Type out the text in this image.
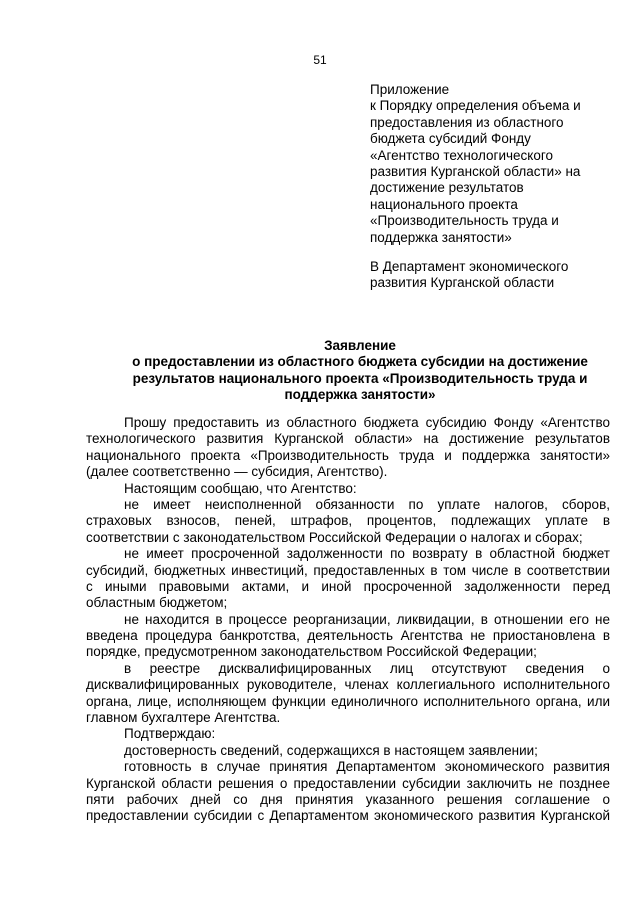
51
Приложение
к Порядку определения объема и
предоставления из областного
бюджета субсидий Фонду
«Агентство технологического
развития Курганской области» на
достижение результатов
национального проекта
«Производительность труда и
поддержка занятости»
В Департамент экономического
развития Курганской области
Заявление
о предоставлении из областного бюджета субсидии на достижение
результатов национального проекта «Производительность труда и
поддержка занятости»
Прошу предоставить из областного бюджета субсидию Фонду «Агентство
технологического развития Курганской области» на достижение результатов
национального проекта «Производительность труда и поддержка занятости»
(далее соответственно — субсидия, Агентство).
Настоящим сообщаю, что Агентство:
не имеет неисполненной обязанности по уплате налогов, сборов,
страховых взносов, пеней, штрафов, процентов, подлежащих уплате в
соответствии с законодательством Российской Федерации о налогах и сборах;
не имеет просроченной задолженности по возврату в областной бюджет
субсидий, бюджетных инвестиций, предоставленных в том числе в соответствии
с иными правовыми актами, и иной просроченной задолженности перед
областным бюджетом;
не находится в процессе реорганизации, ликвидации, в отношении его не
введена процедура банкротства, деятельность Агентства не приостановлена в
порядке, предусмотренном законодательством Российской Федерации;
в реестре дисквалифицированных лиц отсутствуют сведения о
дисквалифицированных руководителе, членах коллегиального исполнительного
органа, лице, исполняющем функции единоличного исполнительного органа, или
главном бухгалтере Агентства.
Подтверждаю:
достоверность сведений, содержащихся в настоящем заявлении;
готовность в случае принятия Департаментом экономического развития
Курганской области решения о предоставлении субсидии заключить не позднее
пяти рабочих дней со дня принятия указанного решения соглашение о
предоставлении субсидии с Департаментом экономического развития Курганской
